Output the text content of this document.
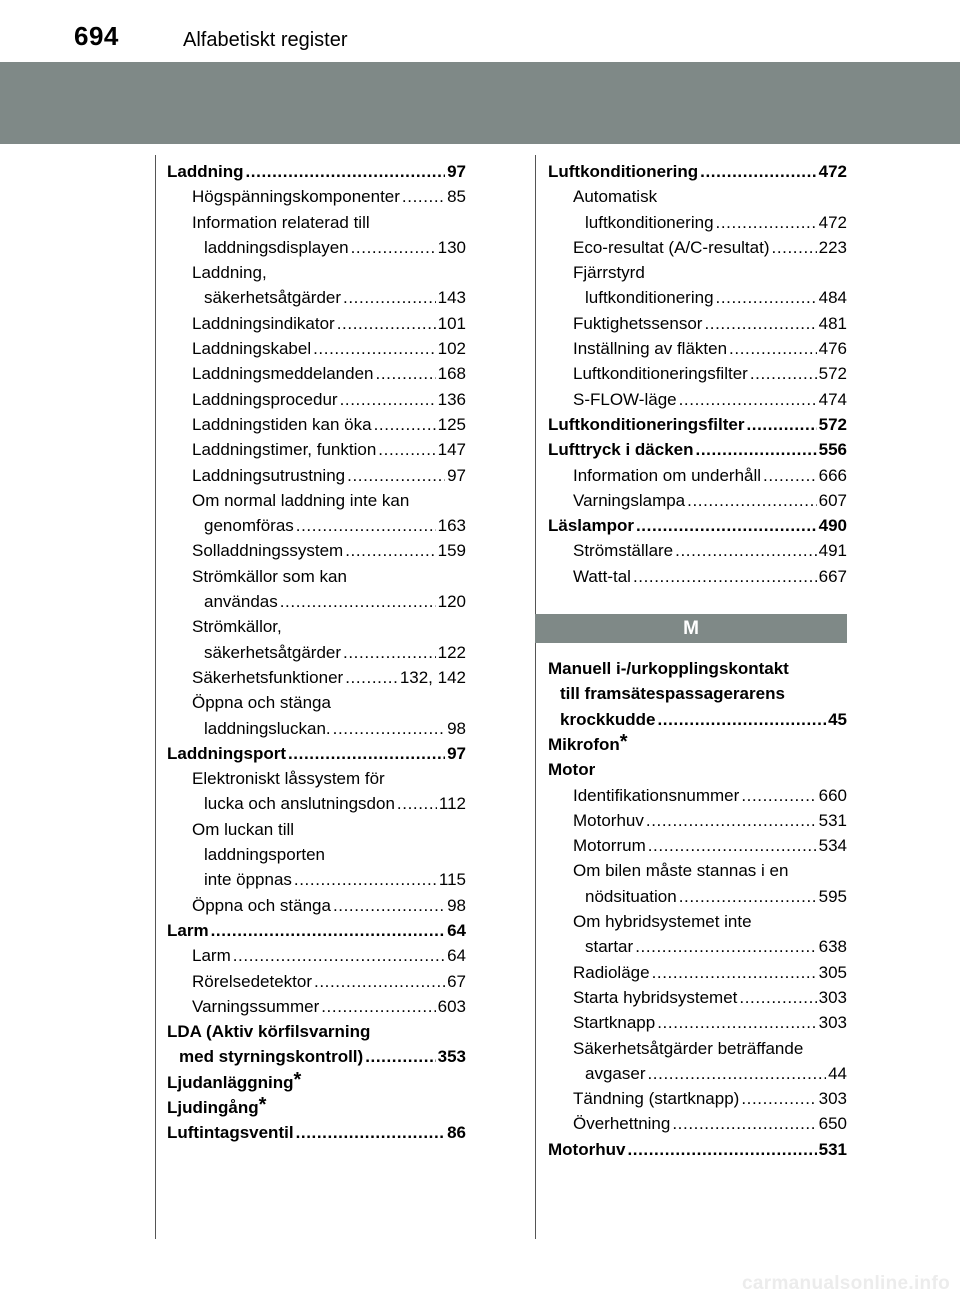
694	Alfabetiskt register
Laddning .....	97
Högspänningskomponenter .....	85
Information relaterad till
laddningsdisplayen .....	130
Laddning,
säkerhetsåtgärder .....	143
Laddningsindikator .....	101
Laddningskabel .....	102
Laddningsmeddelanden .....	168
Laddningsprocedur .....	136
Laddningstiden kan öka .....	125
Laddningstimer, funktion .....	147
Laddningsutrustning .....	97
Om normal laddning inte kan
genomföras .....	163
Solladdningssystem .....	159
Strömkällor som kan
användas .....	120
Strömkällor,
säkerhetsåtgärder .....	122
Säkerhetsfunktioner .....	132, 142
Öppna och stänga
laddningsluckan. .....	98
Laddningsport .....	97
Elektroniskt låssystem för
lucka och anslutningsdon .....	112
Om luckan till
laddningsporten
inte öppnas .....	115
Öppna och stänga .....	98
Larm .....	64
Larm .....	64
Rörelsedetektor .....	67
Varningssummer .....	603
LDA (Aktiv körfilsvarning
med styrningskontroll) .....	353
Ljudanläggning*
Ljudingång*
Luftintagsventil .....	86
Luftkonditionering .....	472
Automatisk
luftkonditionering .....	472
Eco-resultat (A/C-resultat) .....	223
Fjärrstyrd
luftkonditionering .....	484
Fuktighetssensor .....	481
Inställning av fläkten .....	476
Luftkonditioneringsfilter .....	572
S-FLOW-läge .....	474
Luftkonditioneringsfilter .....	572
Lufttryck i däcken .....	556
Information om underhåll .....	666
Varningslampa .....	607
Läslampor .....	490
Strömställare .....	491
Watt-tal .....	667
M
Manuell i-/urkopplingskontakt
till framsätespassagerarens
krockkudde .....	45
Mikrofon*
Motor
Identifikationsnummer .....	660
Motorhuv .....	531
Motorrum .....	534
Om bilen måste stannas i en
nödsituation .....	595
Om hybridsystemet inte
startar .....	638
Radioläge .....	305
Starta hybridsystemet .....	303
Startknapp .....	303
Säkerhetsåtgärder beträffande
avgaser .....	44
Tändning (startknapp) .....	303
Överhettning .....	650
Motorhuv .....	531
carmanualsonline.info
